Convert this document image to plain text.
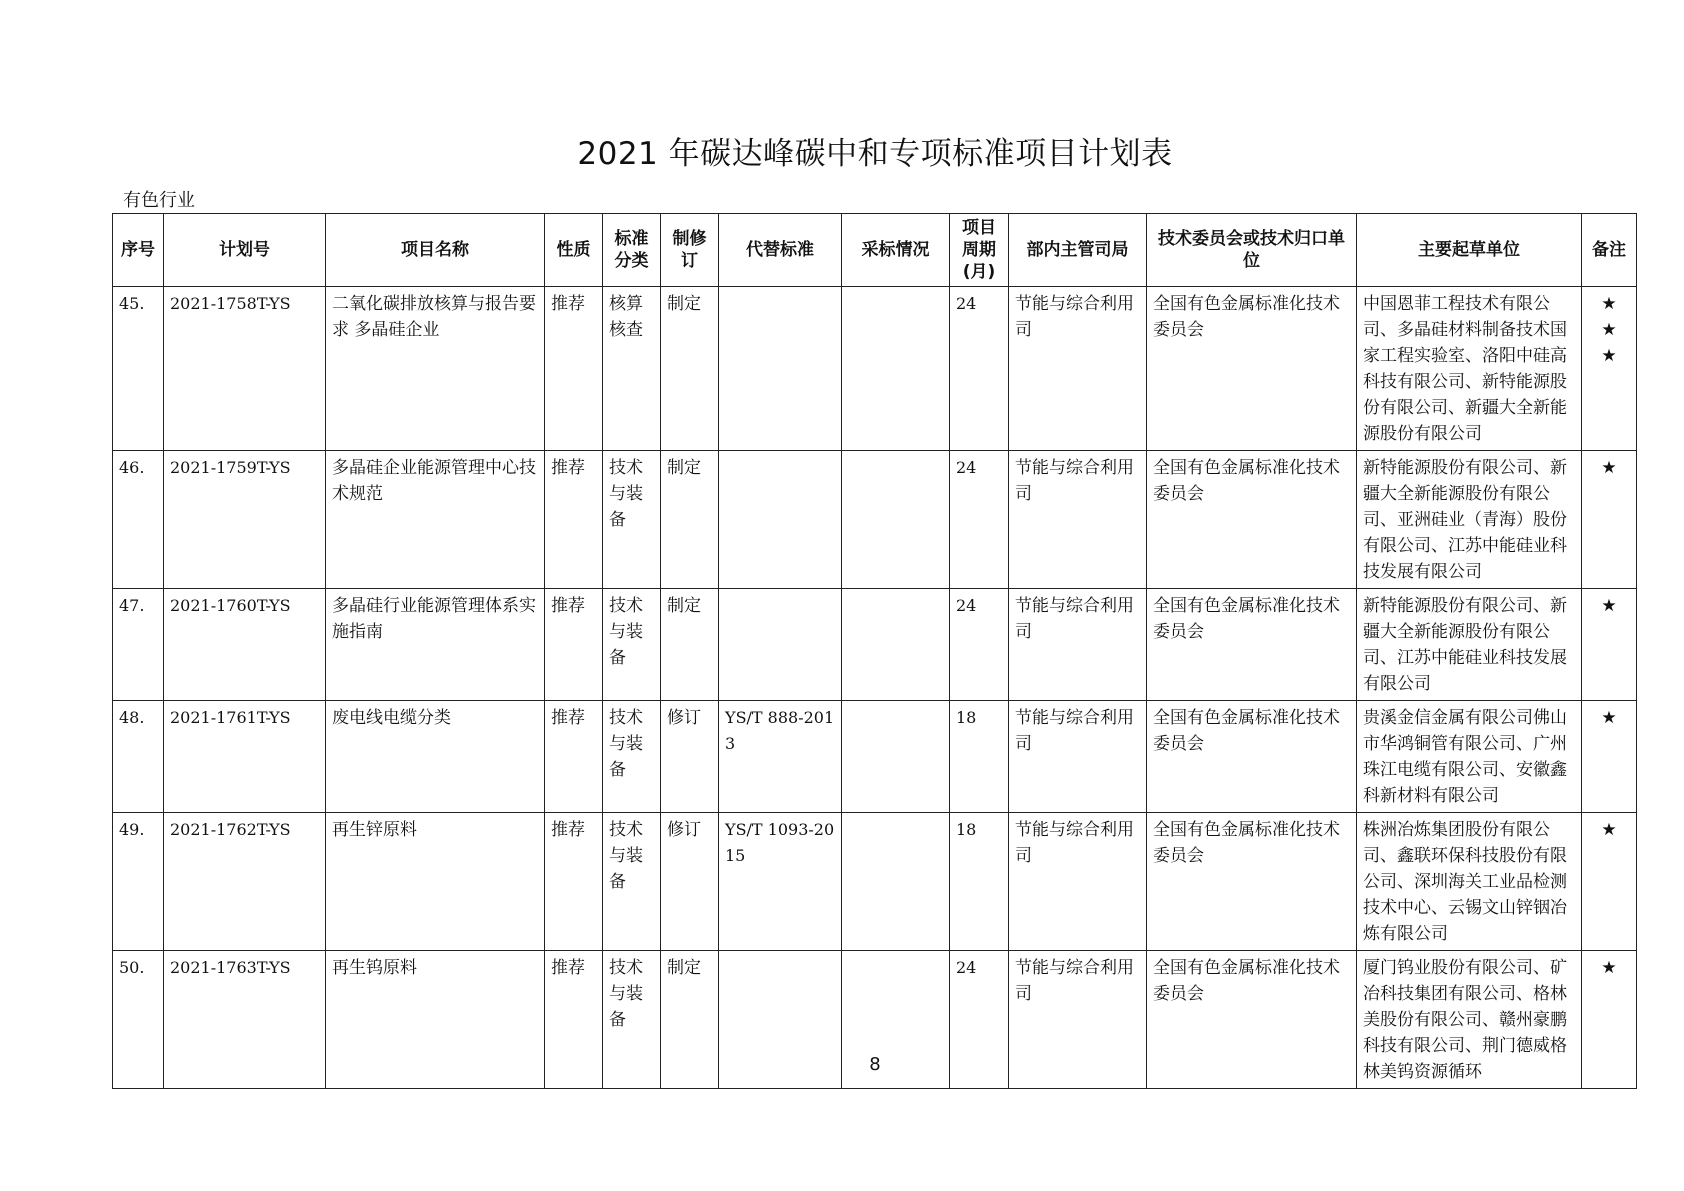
2021 年碳达峰碳中和专项标准项目计划表
有色行业
序号	计划号	项目名称	性质	标准分类	制修订	代替标准	采标情况	项目周期(月)	部内主管司局	技术委员会或技术归口单位	主要起草单位	备注
45.	2021-1758T-YS	二氧化碳排放核算与报告要求 多晶硅企业	推荐	核算核查	制定			24	节能与综合利用司	全国有色金属标准化技术委员会	中国恩菲工程技术有限公司、多晶硅材料制备技术国家工程实验室、洛阳中硅高科技有限公司、新特能源股份有限公司、新疆大全新能源股份有限公司	★
★
★

46.	2021-1759T-YS	多晶硅企业能源管理中心技术规范	推荐	技术与装备	制定			24	节能与综合利用司	全国有色金属标准化技术委员会	新特能源股份有限公司、新疆大全新能源股份有限公司、亚洲硅业（青海）股份有限公司、江苏中能硅业科技发展有限公司	★

47.	2021-1760T-YS	多晶硅行业能源管理体系实施指南	推荐	技术与装备	制定			24	节能与综合利用司	全国有色金属标准化技术委员会	新特能源股份有限公司、新疆大全新能源股份有限公司、江苏中能硅业科技发展有限公司	★

48.	2021-1761T-YS	废电线电缆分类	推荐	技术与装备	修订	YS/T 888-2013		18	节能与综合利用司	全国有色金属标准化技术委员会	贵溪金信金属有限公司佛山市华鸿铜管有限公司、广州珠江电缆有限公司、安徽鑫科新材料有限公司	★

49.	2021-1762T-YS	再生锌原料	推荐	技术与装备	修订	YS/T 1093-2015		18	节能与综合利用司	全国有色金属标准化技术委员会	株洲冶炼集团股份有限公司、鑫联环保科技股份有限公司、深圳海关工业品检测技术中心、云锡文山锌铟冶炼有限公司	★

50.	2021-1763T-YS	再生钨原料	推荐	技术与装备	制定			24	节能与综合利用司	全国有色金属标准化技术委员会	厦门钨业股份有限公司、矿冶科技集团有限公司、格林美股份有限公司、赣州豪鹏科技有限公司、荆门德威格林美钨资源循环	★
8
